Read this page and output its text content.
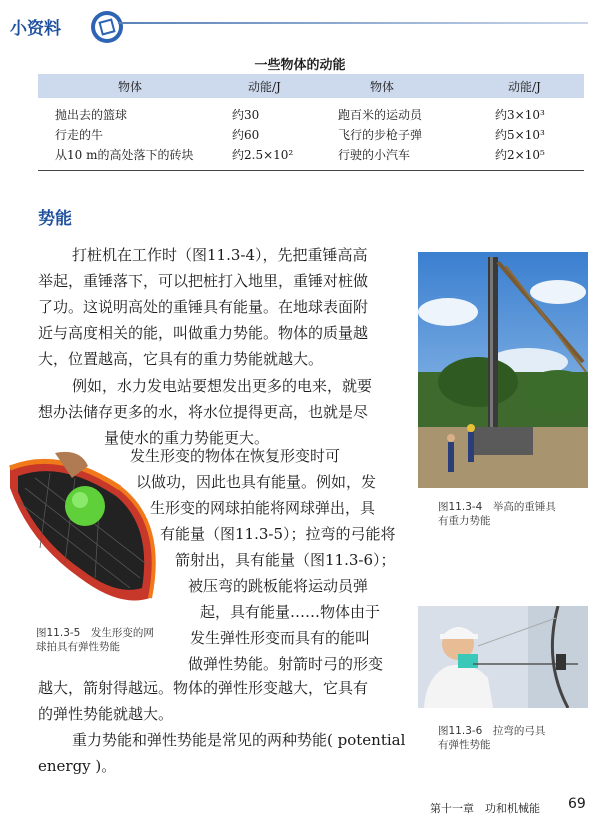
小资料
一些物体的动能
物体	动能/J	物体	动能/J
抛出去的篮球	约30	跑百米的运动员	约3×10³
行走的牛	约60	飞行的步枪子弹	约5×10³
从10 m的高处落下的砖块	约2.5×10²	行驶的小汽车	约2×10⁵
势能
打桩机在工作时（图11.3-4），先把重锤高高
举起，重锤落下，可以把桩打入地里，重锤对桩做
了功。这说明高处的重锤具有能量。在地球表面附
近与高度相关的能，叫做重力势能。物体的质量越
大，位置越高，它具有的重力势能就越大。
例如，水力发电站要想发出更多的电来，就要
想办法储存更多的水，将水位提得更高，也就是尽
量使水的重力势能更大。
发生形变的物体在恢复形变时可
以做功，因此也具有能量。例如，发
生形变的网球拍能将网球弹出，具
有能量（图11.3-5）；拉弯的弓能将
箭射出，具有能量（图11.3-6）；
被压弯的跳板能将运动员弹
起，具有能量……物体由于
发生弹性形变而具有的能叫
做弹性势能。射箭时弓的形变
越大，箭射得越远。物体的弹性形变越大，它具有
的弹性势能就越大。
重力势能和弹性势能是常见的两种势能( potential
energy )。
图11.3-4　举高的重锤具
有重力势能
图11.3-5　发生形变的网
球拍具有弹性势能
图11.3-6　拉弯的弓具
有弹性势能
第十一章　功和机械能 69
